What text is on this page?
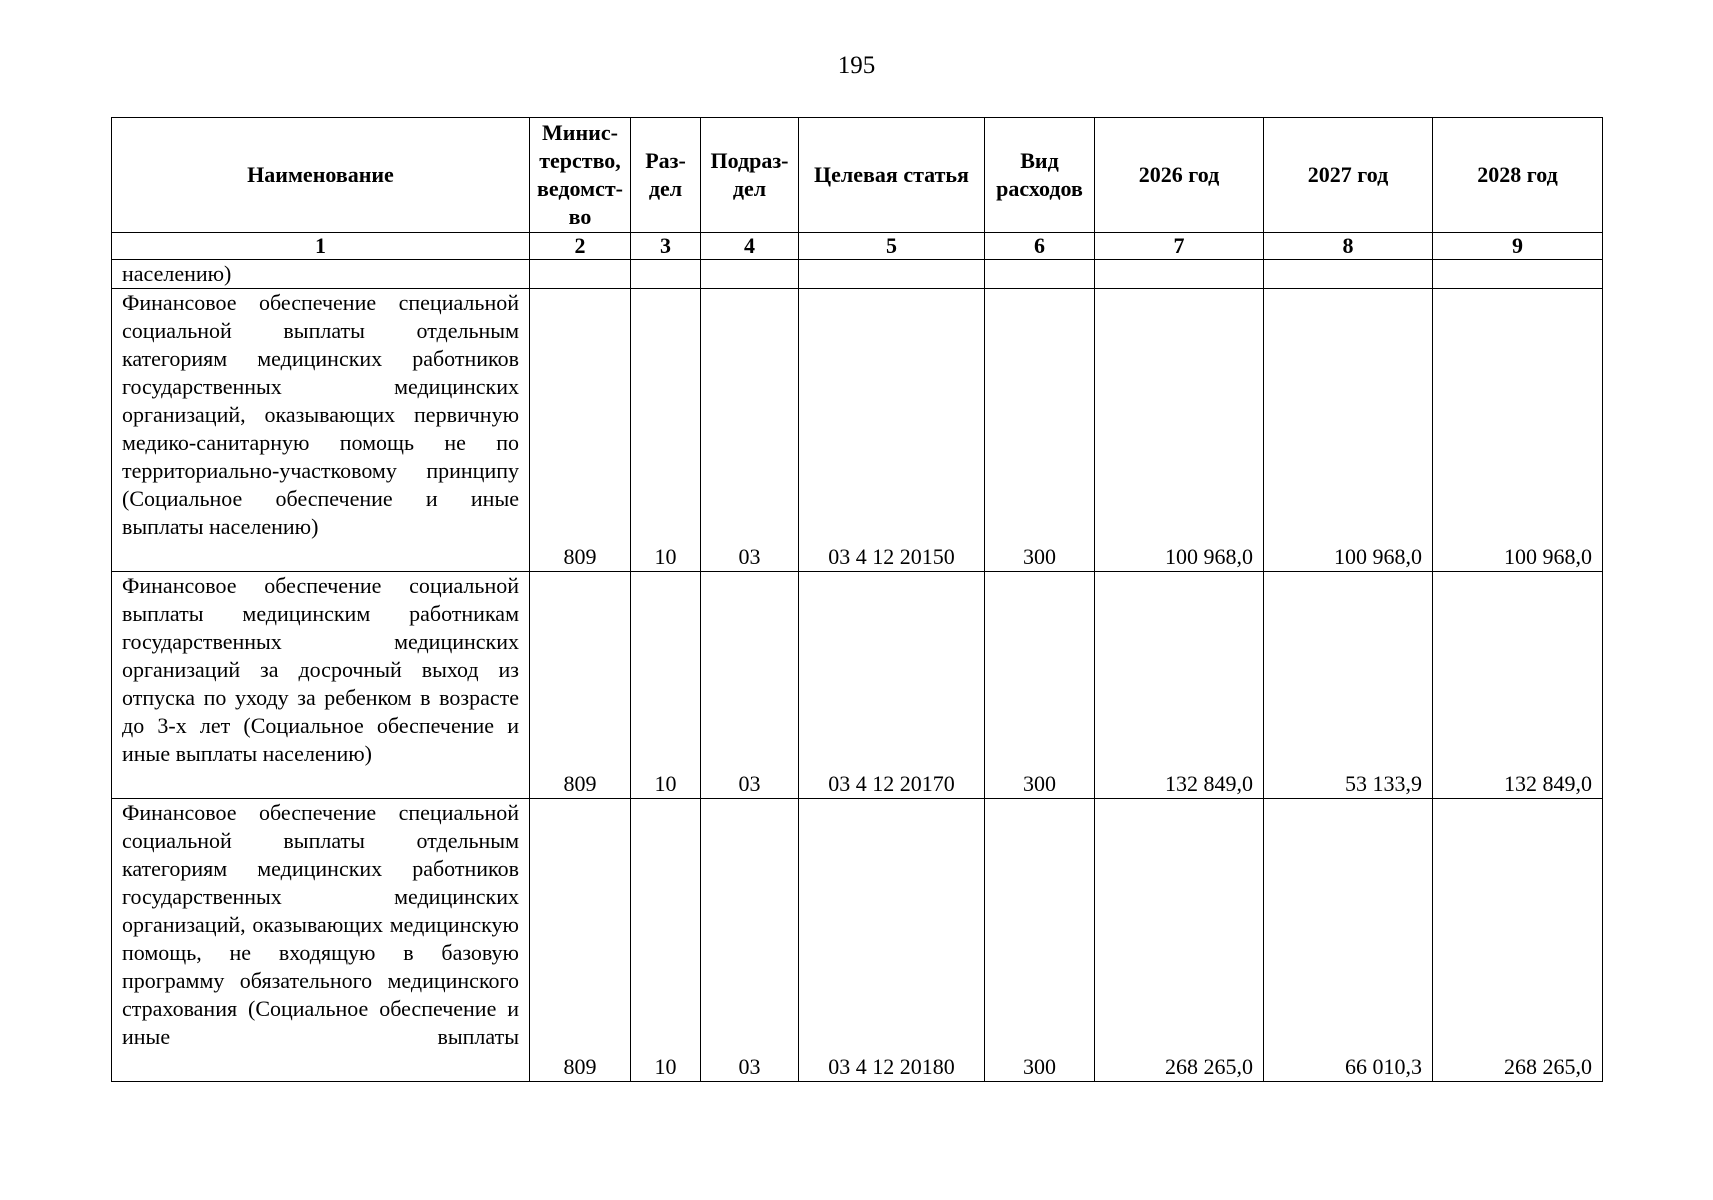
195
Наименование	Минис-терство, ведомст-во	Раз-дел	Подраз-дел	Целевая статья	Вид расходов	2026 год	2027 год	2028 год
1	2	3	4	5	6	7	8	9
населению)								
Финансовое обеспечение специальной социальной выплаты отдельным категориям медицинских работников государственных медицинских организаций, оказывающих первичную медико-санитарную помощь не по территориально-участковому принципу (Социальное обеспечение и иные выплаты населению)	809	10	03	03 4 12 20150	300	100 968,0	100 968,0	100 968,0
Финансовое обеспечение социальной выплаты медицинским работникам государственных медицинских организаций за досрочный выход из отпуска по уходу за ребенком в возрасте до 3-х лет (Социальное обеспечение и иные выплаты населению)	809	10	03	03 4 12 20170	300	132 849,0	53 133,9	132 849,0
Финансовое обеспечение специальной социальной выплаты отдельным категориям медицинских работников государственных медицинских организаций, оказывающих медицинскую помощь, не входящую в базовую программу обязательного медицинского страхования (Социальное обеспечение и иные выплаты	809	10	03	03 4 12 20180	300	268 265,0	66 010,3	268 265,0
